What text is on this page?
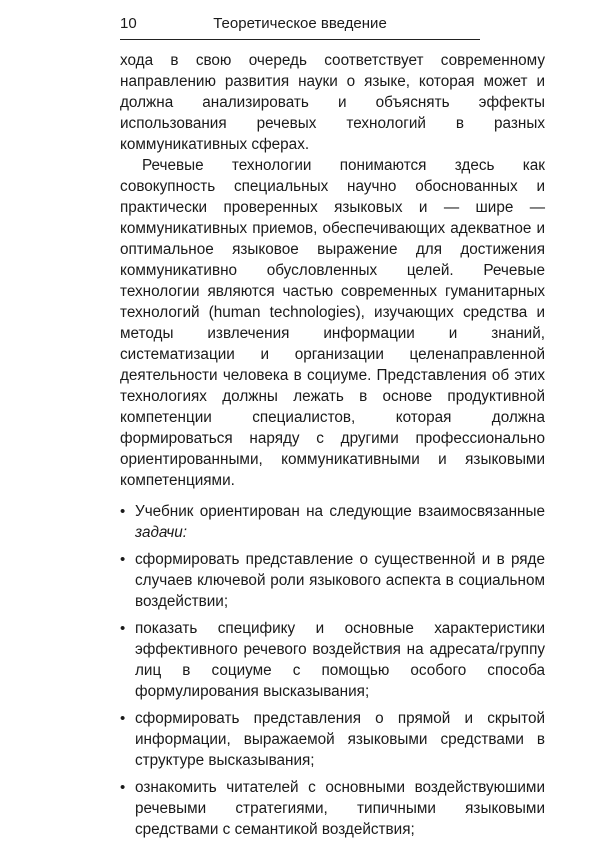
10	Теоретическое введение

хода в свою очередь соответствует современному направлению развития науки о языке, которая может и должна анализировать и объяснять эффекты использования речевых технологий в разных коммуникативных сферах.

Речевые технологии понимаются здесь как совокупность специальных научно обоснованных и практически проверенных языковых и — шире — коммуникативных приемов, обеспечивающих адекватное и оптимальное языковое выражение для достижения коммуникативно обусловленных целей. Речевые технологии являются частью современных гуманитарных технологий (human technologies), изучающих средства и методы извлечения информации и знаний, систематизации и организации целенаправленной деятельности человека в социуме. Представления об этих технологиях должны лежать в основе продуктивной компетенции специалистов, которая должна формироваться наряду с другими профессионально ориентированными, коммуникативными и языковыми компетенциями.

• Учебник ориентирован на следующие взаимосвязанные задачи:
• сформировать представление о существенной и в ряде случаев ключевой роли языкового аспекта в социальном воздействии;
• показать специфику и основные характеристики эффективного речевого воздействия на адресата/группу лиц в социуме с помощью особого способа формулирования высказывания;
• сформировать представления о прямой и скрытой информации, выражаемой языковыми средствами в структуре высказывания;
• ознакомить читателей с основными воздействуюшими речевыми стратегиями, типичными языковыми средствами с семантикой воздействия;
